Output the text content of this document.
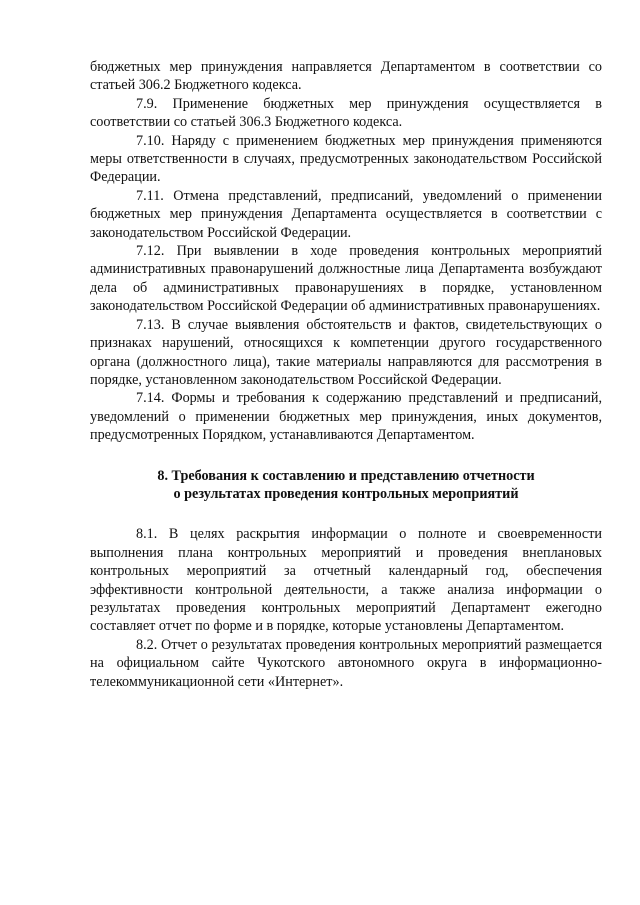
бюджетных мер принуждения направляется Департаментом в соответствии со статьей 306.2 Бюджетного кодекса.

7.9. Применение бюджетных мер принуждения осуществляется в соответствии со статьей 306.3 Бюджетного кодекса.

7.10. Наряду с применением бюджетных мер принуждения применяются меры ответственности в случаях, предусмотренных законодательством Российской Федерации.

7.11. Отмена представлений, предписаний, уведомлений о применении бюджетных мер принуждения Департамента осуществляется в соответствии с законодательством Российской Федерации.

7.12. При выявлении в ходе проведения контрольных мероприятий административных правонарушений должностные лица Департамента возбуждают дела об административных правонарушениях в порядке, установленном законодательством Российской Федерации об административных правонарушениях.

7.13. В случае выявления обстоятельств и фактов, свидетельствующих о признаках нарушений, относящихся к компетенции другого государственного органа (должностного лица), такие материалы направляются для рассмотрения в порядке, установленном законодательством Российской Федерации.

7.14. Формы и требования к содержанию представлений и предписаний, уведомлений о применении бюджетных мер принуждения, иных документов, предусмотренных Порядком, устанавливаются Департаментом.

8. Требования к составлению и представлению отчетности
о результатах проведения контрольных мероприятий

8.1. В целях раскрытия информации о полноте и своевременности выполнения плана контрольных мероприятий и проведения внеплановых контрольных мероприятий за отчетный календарный год, обеспечения эффективности контрольной деятельности, а также анализа информации о результатах проведения контрольных мероприятий Департамент ежегодно составляет отчет по форме и в порядке, которые установлены Департаментом.

8.2. Отчет о результатах проведения контрольных мероприятий размещается на официальном сайте Чукотского автономного округа в информационно-телекоммуникационной сети «Интернет».
